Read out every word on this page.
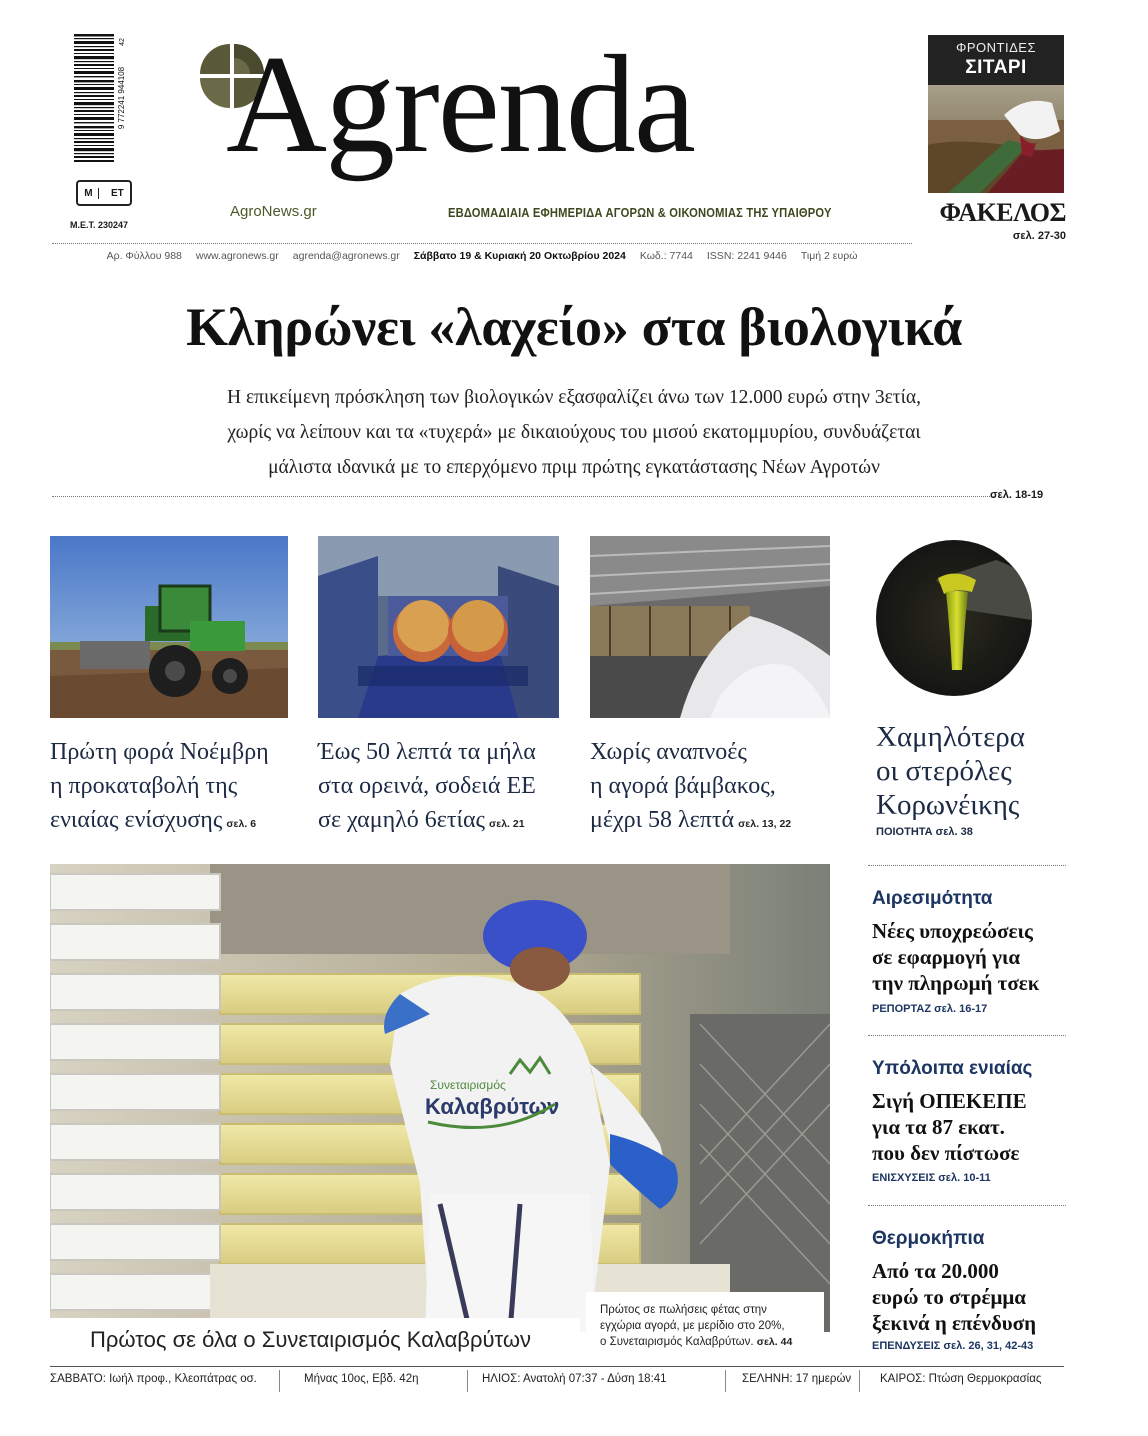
9 772241 944108
42
M	ET
Μ.Ε.Τ. 230247
Agrenda
AgroNews.gr	ΕΒΔΟΜΑΔΙΑΙΑ ΕΦΗΜΕΡΙΔΑ ΑΓΟΡΩΝ & ΟΙΚΟΝΟΜΙΑΣ ΤΗΣ ΥΠΑΙΘΡΟΥ
ΦΡΟΝΤΙΔΕΣ
ΣΙΤΑΡΙ
ΦΑΚΕΛΟΣ
σελ. 27-30
Αρ. Φύλλου 988 www.agronews.gr agrenda@agronews.gr Σάββατο 19 & Κυριακή 20 Οκτωβρίου 2024 Κωδ.: 7744 ISSN: 2241 9446 Τιμή 2 ευρώ
Κληρώνει «λαχείο» στα βιολογικά
Η επικείμενη πρόσκληση των βιολογικών εξασφαλίζει άνω των 12.000 ευρώ στην 3ετία,
χωρίς να λείπουν και τα «τυχερά» με δικαιούχους του μισού εκατομμυρίου, συνδυάζεται
μάλιστα ιδανικά με το επερχόμενο πριμ πρώτης εγκατάστασης Νέων Αγροτών
σελ. 18-19
Πρώτη φορά Νοέμβρη
η προκαταβολή της
ενιαίας ενίσχυσης σελ. 6
Έως 50 λεπτά τα μήλα
στα ορεινά, σοδειά ΕΕ
σε χαμηλό 6ετίας σελ. 21
Χωρίς αναπνοές
η αγορά βάμβακος,
μέχρι 58 λεπτά σελ. 13, 22
Χαμηλότερα
οι στερόλες
Κορωνέικης
ΠΟΙΟΤΗΤΑ σελ. 38
Αιρεσιμότητα
Νέες υποχρεώσεις
σε εφαρμογή για
την πληρωμή τσεκ
ΡΕΠΟΡΤΑΖ σελ. 16-17
Υπόλοιπα ενιαίας
Σιγή ΟΠΕΚΕΠΕ
για τα 87 εκατ.
που δεν πίστωσε
ΕΝΙΣΧΥΣΕΙΣ σελ. 10-11
Θερμοκήπια
Από τα 20.000
ευρώ το στρέμμα
ξεκινά η επένδυση
ΕΠΕΝΔΥΣΕΙΣ σελ. 26, 31, 42-43
Συνεταιρισμός
Καλαβρύτων
Πρώτος σε όλα ο Συνεταιρισμός Καλαβρύτων
Πρώτος σε πωλήσεις φέτας στην
εγχώρια αγορά, με μερίδιο στο 20%,
ο Συνεταιρισμός Καλαβρύτων. σελ. 44
ΣΑΒΒΑΤΟ: Ιωήλ προφ., Κλεοπάτρας οσ.	Μήνας 10ος, Εβδ. 42η	ΗΛΙΟΣ: Ανατολή 07:37 - Δύση 18:41	ΣΕΛΗΝΗ: 17 ημερών	ΚΑΙΡΟΣ: Πτώση Θερμοκρασίας
